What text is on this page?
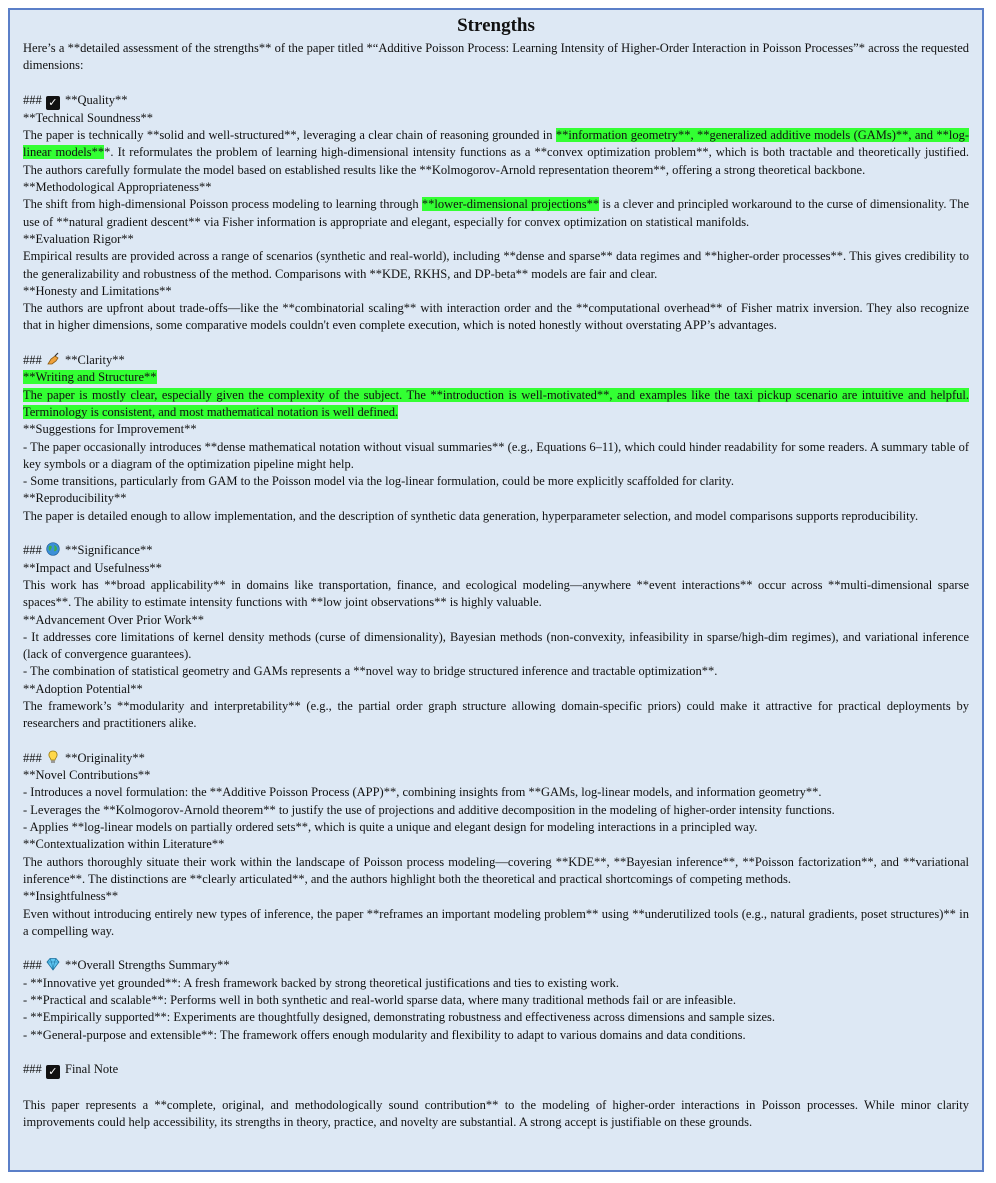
Strengths

Here’s a **detailed assessment of the strengths** of the paper titled *“Additive Poisson Process: Learning Intensity of Higher-Order Interaction in Poisson Processes”* across the requested dimensions:

### ✓ **Quality**

**Technical Soundness**

The paper is technically **solid and well-structured**, leveraging a clear chain of reasoning grounded in **information geometry**, **generalized additive models (GAMs)**, and **log-linear models***. It reformulates the problem of learning high-dimensional intensity functions as a **convex optimization problem**, which is both tractable and theoretically justified. The authors carefully formulate the model based on established results like the **Kolmogorov-Arnold representation theorem**, offering a strong theoretical backbone.

**Methodological Appropriateness**

The shift from high-dimensional Poisson process modeling to learning through **lower-dimensional projections** is a clever and principled workaround to the curse of dimensionality. The use of **natural gradient descent** via Fisher information is appropriate and elegant, especially for convex optimization on statistical manifolds.

**Evaluation Rigor**

Empirical results are provided across a range of scenarios (synthetic and real-world), including **dense and sparse** data regimes and **higher-order processes**. This gives credibility to the generalizability and robustness of the method. Comparisons with **KDE, RKHS, and DP-beta** models are fair and clear.

**Honesty and Limitations**

The authors are upfront about trade-offs—like the **combinatorial scaling** with interaction order and the **computational overhead** of Fisher matrix inversion. They also recognize that in higher dimensions, some comparative models couldn't even complete execution, which is noted honestly without overstating APP’s advantages.

### **Clarity**

**Writing and Structure**

The paper is mostly clear, especially given the complexity of the subject. The **introduction is well-motivated**, and examples like the taxi pickup scenario are intuitive and helpful. Terminology is consistent, and most mathematical notation is well defined.

**Suggestions for Improvement**

- The paper occasionally introduces **dense mathematical notation without visual summaries** (e.g., Equations 6–11), which could hinder readability for some readers. A summary table of key symbols or a diagram of the optimization pipeline might help.

- Some transitions, particularly from GAM to the Poisson model via the log-linear formulation, could be more explicitly scaffolded for clarity.

**Reproducibility**

The paper is detailed enough to allow implementation, and the description of synthetic data generation, hyperparameter selection, and model comparisons supports reproducibility.

### **Significance**

**Impact and Usefulness**

This work has **broad applicability** in domains like transportation, finance, and ecological modeling—anywhere **event interactions** occur across **multi-dimensional sparse spaces**. The ability to estimate intensity functions with **low joint observations** is highly valuable.

**Advancement Over Prior Work**

- It addresses core limitations of kernel density methods (curse of dimensionality), Bayesian methods (non-convexity, infeasibility in sparse/high-dim regimes), and variational inference (lack of convergence guarantees).

- The combination of statistical geometry and GAMs represents a **novel way to bridge structured inference and tractable optimization**.

**Adoption Potential**

The framework’s **modularity and interpretability** (e.g., the partial order graph structure allowing domain-specific priors) could make it attractive for practical deployments by researchers and practitioners alike.

### **Originality**

**Novel Contributions**

- Introduces a novel formulation: the **Additive Poisson Process (APP)**, combining insights from **GAMs, log-linear models, and information geometry**.

- Leverages the **Kolmogorov-Arnold theorem** to justify the use of projections and additive decomposition in the modeling of higher-order intensity functions.

- Applies **log-linear models on partially ordered sets**, which is quite a unique and elegant design for modeling interactions in a principled way.

**Contextualization within Literature**

The authors thoroughly situate their work within the landscape of Poisson process modeling—covering **KDE**, **Bayesian inference**, **Poisson factorization**, and **variational inference**. The distinctions are **clearly articulated**, and the authors highlight both the theoretical and practical shortcomings of competing methods.

**Insightfulness**

Even without introducing entirely new types of inference, the paper **reframes an important modeling problem** using **underutilized tools (e.g., natural gradients, poset structures)** in a compelling way.

### **Overall Strengths Summary**

- **Innovative yet grounded**: A fresh framework backed by strong theoretical justifications and ties to existing work.

- **Practical and scalable**: Performs well in both synthetic and real-world sparse data, where many traditional methods fail or are infeasible.

- **Empirically supported**: Experiments are thoughtfully designed, demonstrating robustness and effectiveness across dimensions and sample sizes.

- **General-purpose and extensible**: The framework offers enough modularity and flexibility to adapt to various domains and data conditions.

### ✓ Final Note

This paper represents a **complete, original, and methodologically sound contribution** to the modeling of higher-order interactions in Poisson processes. While minor clarity improvements could help accessibility, its strengths in theory, practice, and novelty are substantial. A strong accept is justifiable on these grounds.
